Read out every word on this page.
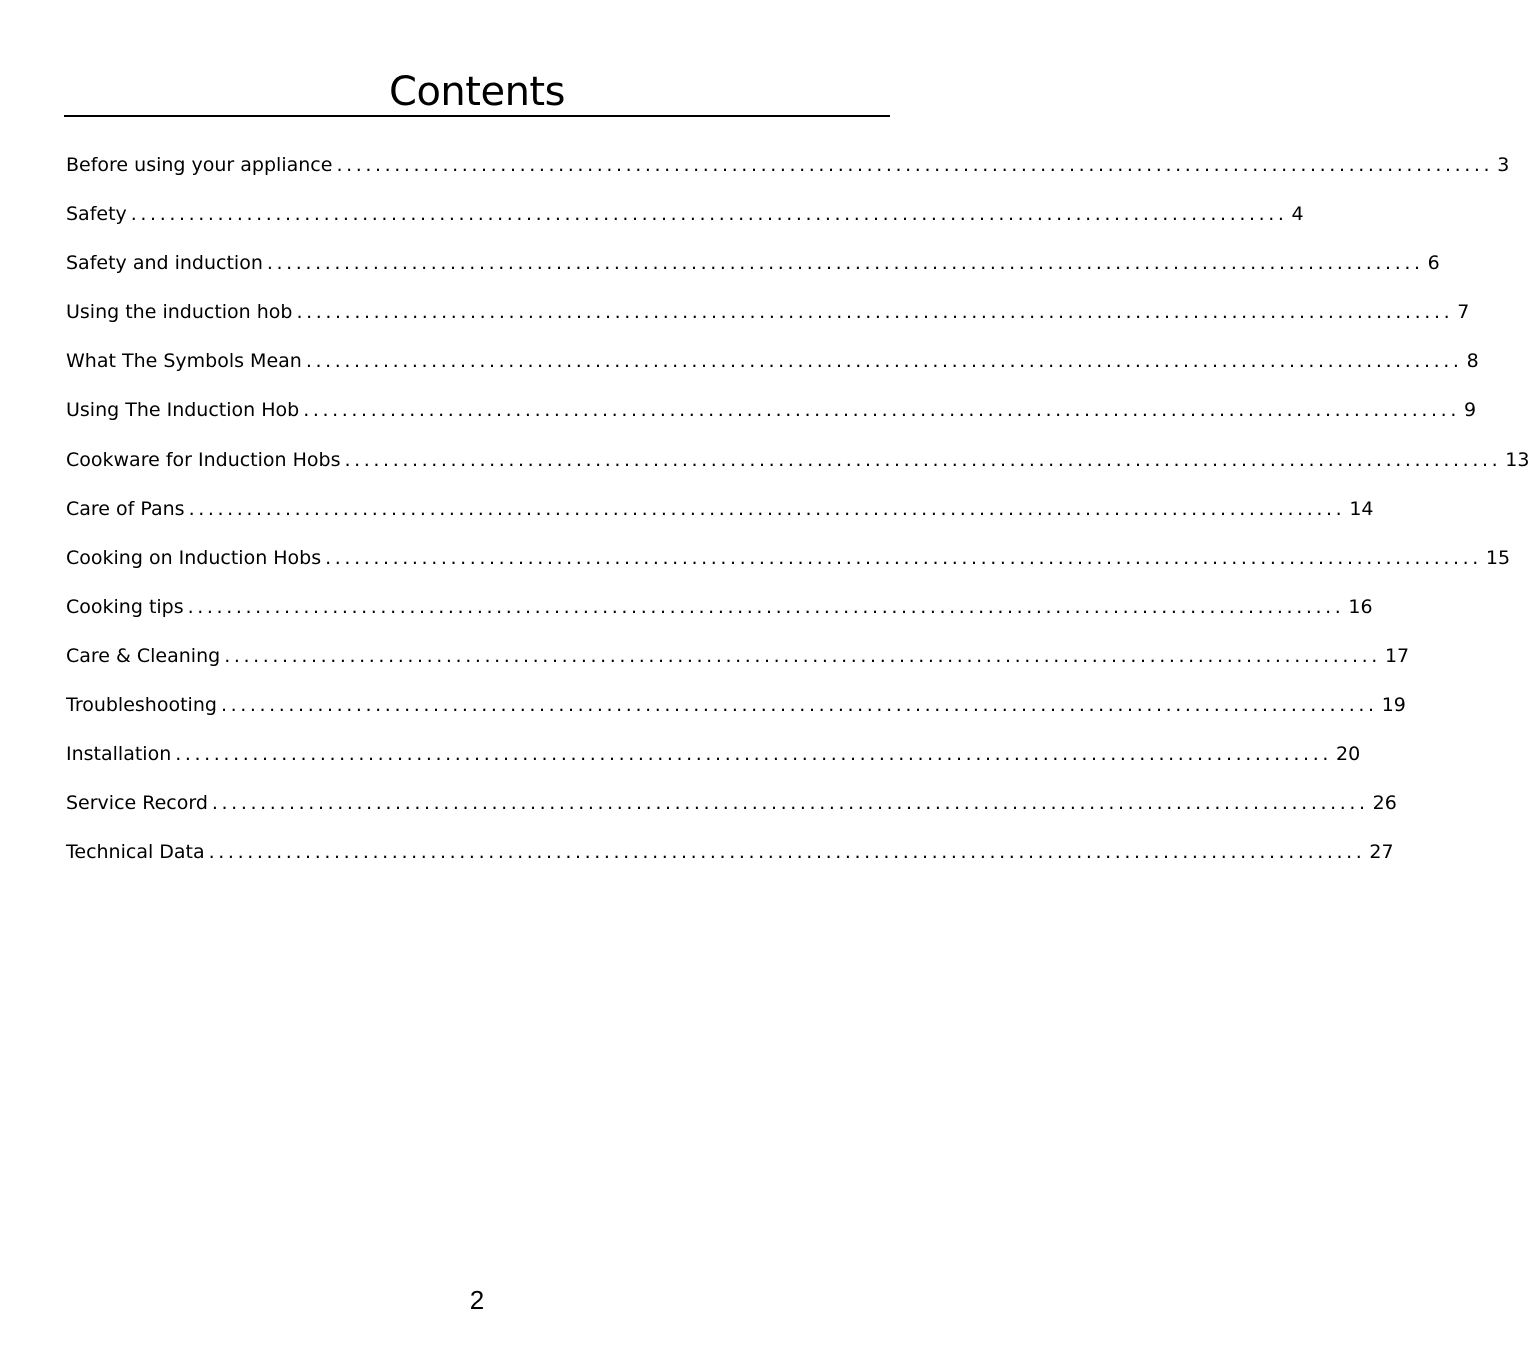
Contents
Before using your appliance ........................................................................................................................ 3
Safety ........................................................................................................................ 4
Safety and induction ........................................................................................................................ 6
Using the induction hob ........................................................................................................................ 7
What The Symbols Mean ........................................................................................................................ 8
Using The Induction Hob ........................................................................................................................ 9
Cookware for Induction Hobs ........................................................................................................................ 13
Care of Pans ........................................................................................................................ 14
Cooking on Induction Hobs ........................................................................................................................ 15
Cooking tips ........................................................................................................................ 16
Care & Cleaning ........................................................................................................................ 17
Troubleshooting ........................................................................................................................ 19
Installation ........................................................................................................................ 20
Service Record ........................................................................................................................ 26
Technical Data ........................................................................................................................ 27
2
